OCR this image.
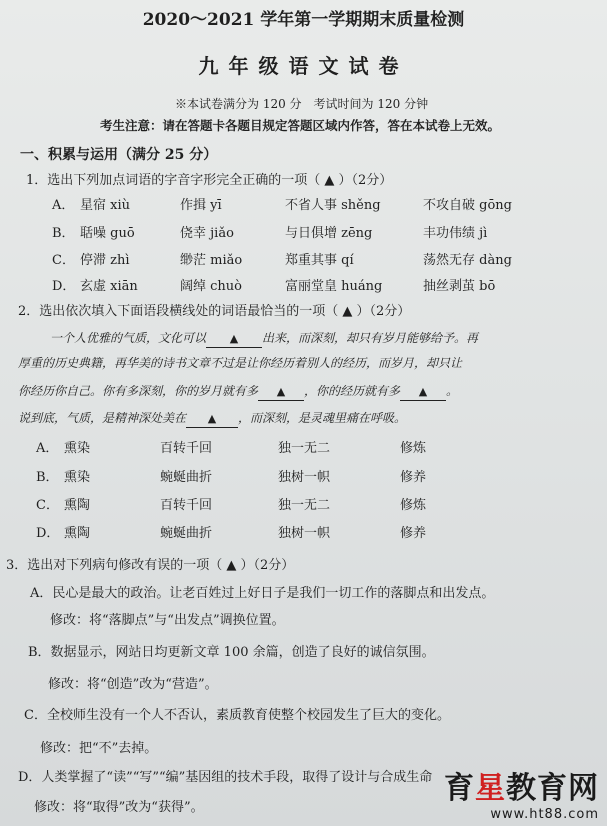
2020～2021 学年第一学期期末质量检测
九年级语文试卷
※本试卷满分为 120 分　考试时间为 120 分钟
考生注意：请在答题卡各题目规定答题区域内作答，答在本试卷上无效。
一、积累与运用（满分 25 分）
1．选出下列加点词语的字音字形完全正确的一项（ ▲ ）（2分）
A． 星宿 xiù	作揖 yī	不省人事 shěng	不攻自破 gōng
B． 聒噪 guō	侥幸 jiǎo	与日俱增 zēng	丰功伟绩 jì
C． 停滞 zhì	缈茫 miǎo	郑重其事 qí	荡然无存 dàng
D． 玄虚 xiān	阔绰 chuò	富丽堂皇 huáng	抽丝剥茧 bō
2．选出依次填入下面语段横线处的词语最恰当的一项（ ▲ ）（2分）
一个人优雅的气质，文化可以 ▲ 出来，而深刻，却只有岁月能够给予。再
厚重的历史典籍，再华美的诗书文章不过是让你经历着别人的经历，而岁月，却只让
你经历你自己。你有多深刻，你的岁月就有多 ▲ ，你的经历就有多 ▲ 。
说到底，气质，是精神深处美在 ▲ ，而深刻，是灵魂里痛在呼吸。
A． 熏染	百转千回	独一无二	修炼
B． 熏染	蜿蜒曲折	独树一帜	修养
C． 熏陶	百转千回	独一无二	修炼
D． 熏陶	蜿蜒曲折	独树一帜	修养
3．选出对下列病句修改有误的一项（ ▲ ）（2分）
A．民心是最大的政治。让老百姓过上好日子是我们一切工作的落脚点和出发点。
修改：将“落脚点”与“出发点”调换位置。
B．数据显示，网站日均更新文章 100 余篇，创造了良好的诚信氛围。
修改：将“创造”改为“营造”。
C．全校师生没有一个人不否认，素质教育使整个校园发生了巨大的变化。
修改：把“不”去掉。
D．人类掌握了“读”“写”“编”基因组的技术手段，取得了设计与合成生命
修改：将“取得”改为“获得”。
育星教育网
www.ht88.com
